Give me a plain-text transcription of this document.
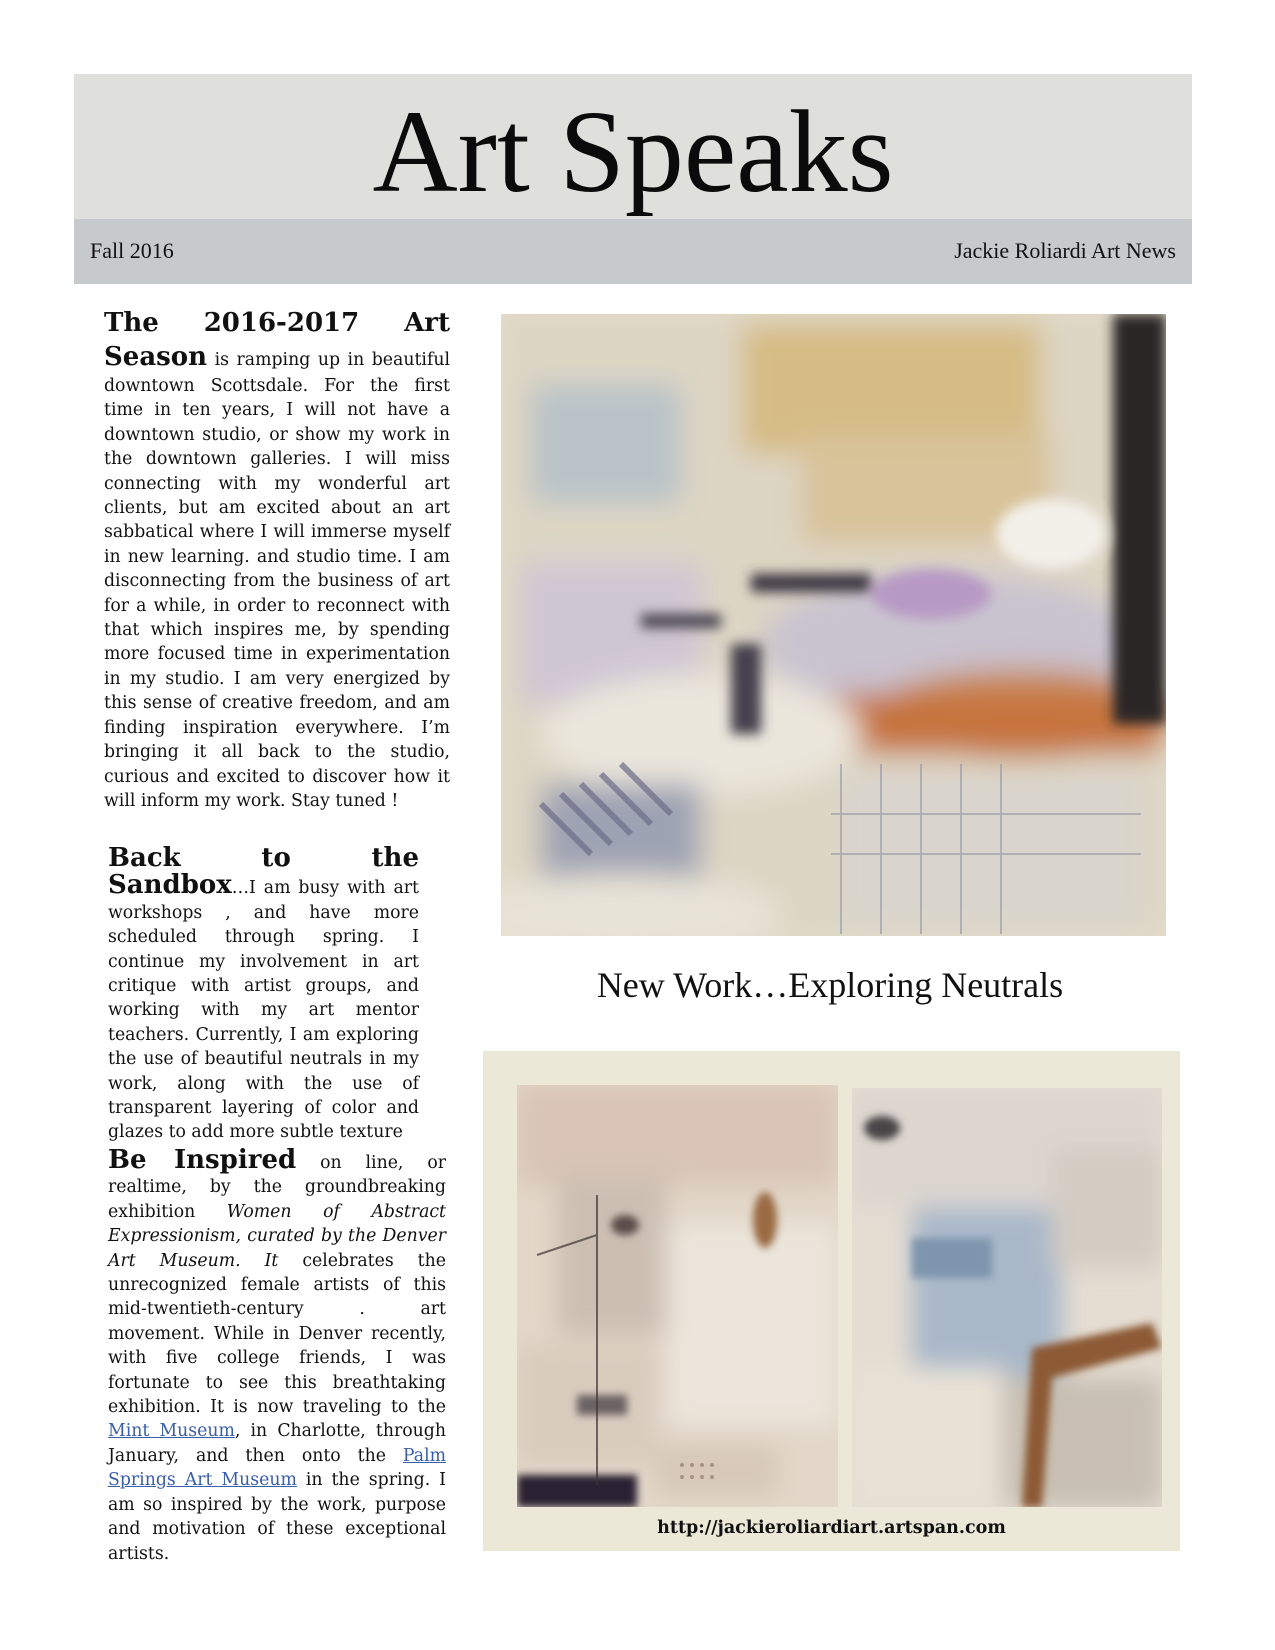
Art Speaks
Fall 2016	Jackie Roliardi Art News

The 2016-2017 Art Season is ramping up in beautiful downtown Scottsdale. For the first time in ten years, I will not have a downtown studio, or show my work in the downtown galleries. I will miss connecting with my wonderful art clients, but am excited about an art sabbatical where I will immerse myself in new learning. and studio time. I am disconnecting from the business of art for a while, in order to reconnect with that which inspires me, by spending more focused time in experimentation in my studio. I am very energized by this sense of creative freedom, and am finding inspiration everywhere. I’m bringing it all back to the studio, curious and excited to discover how it will inform my work. Stay tuned !

Back to the Sandbox…I am busy with art workshops , and have more scheduled through spring. I continue my involvement in art critique with artist groups, and working with my art mentor teachers. Currently, I am exploring the use of beautiful neutrals in my work, along with the use of transparent layering of color and glazes to add more subtle texture

Be Inspired on line, or realtime, by the groundbreaking exhibition Women of Abstract Expressionism, curated by the Denver Art Museum. It celebrates the unrecognized female artists of this mid-twentieth-century . art movement. While in Denver recently, with five college friends, I was fortunate to see this breathtaking exhibition. It is now traveling to the Mint Museum, in Charlotte, through January, and then onto the Palm Springs Art Museum in the spring. I am so inspired by the work, purpose and motivation of these exceptional artists.

New Work…Exploring Neutrals
http://jackieroliardiart.artspan.com
